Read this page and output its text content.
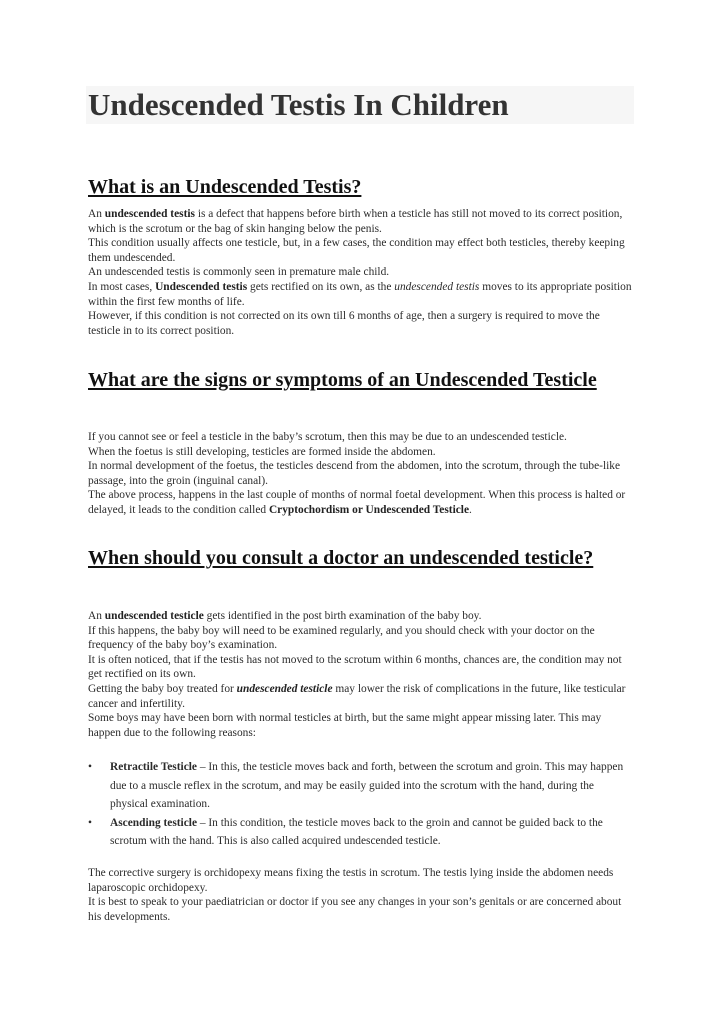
Undescended Testis In Children
What is an Undescended Testis?

An undescended testis is a defect that happens before birth when a testicle has still not moved to its correct position, which is the scrotum or the bag of skin hanging below the penis.

This condition usually affects one testicle, but, in a few cases, the condition may effect both testicles, thereby keeping them undescended.

An undescended testis is commonly seen in premature male child.

In most cases, Undescended testis gets rectified on its own, as the undescended testis moves to its appropriate position within the first few months of life.

However, if this condition is not corrected on its own till 6 months of age, then a surgery is required to move the testicle in to its correct position.

What are the signs or symptoms of an Undescended Testicle

If you cannot see or feel a testicle in the baby’s scrotum, then this may be due to an undescended testicle.

When the foetus is still developing, testicles are formed inside the abdomen.

In normal development of the foetus, the testicles descend from the abdomen, into the scrotum, through the tube-like passage, into the groin (inguinal canal).

The above process, happens in the last couple of months of normal foetal development. When this process is halted or delayed, it leads to the condition called Cryptochordism or Undescended Testicle.

When should you consult a doctor an undescended testicle?

An undescended testicle gets identified in the post birth examination of the baby boy.

If this happens, the baby boy will need to be examined regularly, and you should check with your doctor on the frequency of the baby boy’s examination.

It is often noticed, that if the testis has not moved to the scrotum within 6 months, chances are, the condition may not get rectified on its own.

Getting the baby boy treated for undescended testicle may lower the risk of complications in the future, like testicular cancer and infertility.

Some boys may have been born with normal testicles at birth, but the same might appear missing later. This may happen due to the following reasons:

• Retractile Testicle – In this, the testicle moves back and forth, between the scrotum and groin. This may happen due to a muscle reflex in the scrotum, and may be easily guided into the scrotum with the hand, during the physical examination.
• Ascending testicle – In this condition, the testicle moves back to the groin and cannot be guided back to the scrotum with the hand. This is also called acquired undescended testicle.

The corrective surgery is orchidopexy means fixing the testis in scrotum. The testis lying inside the abdomen needs laparoscopic orchidopexy.

It is best to speak to your paediatrician or doctor if you see any changes in your son’s genitals or are concerned about his developments.
